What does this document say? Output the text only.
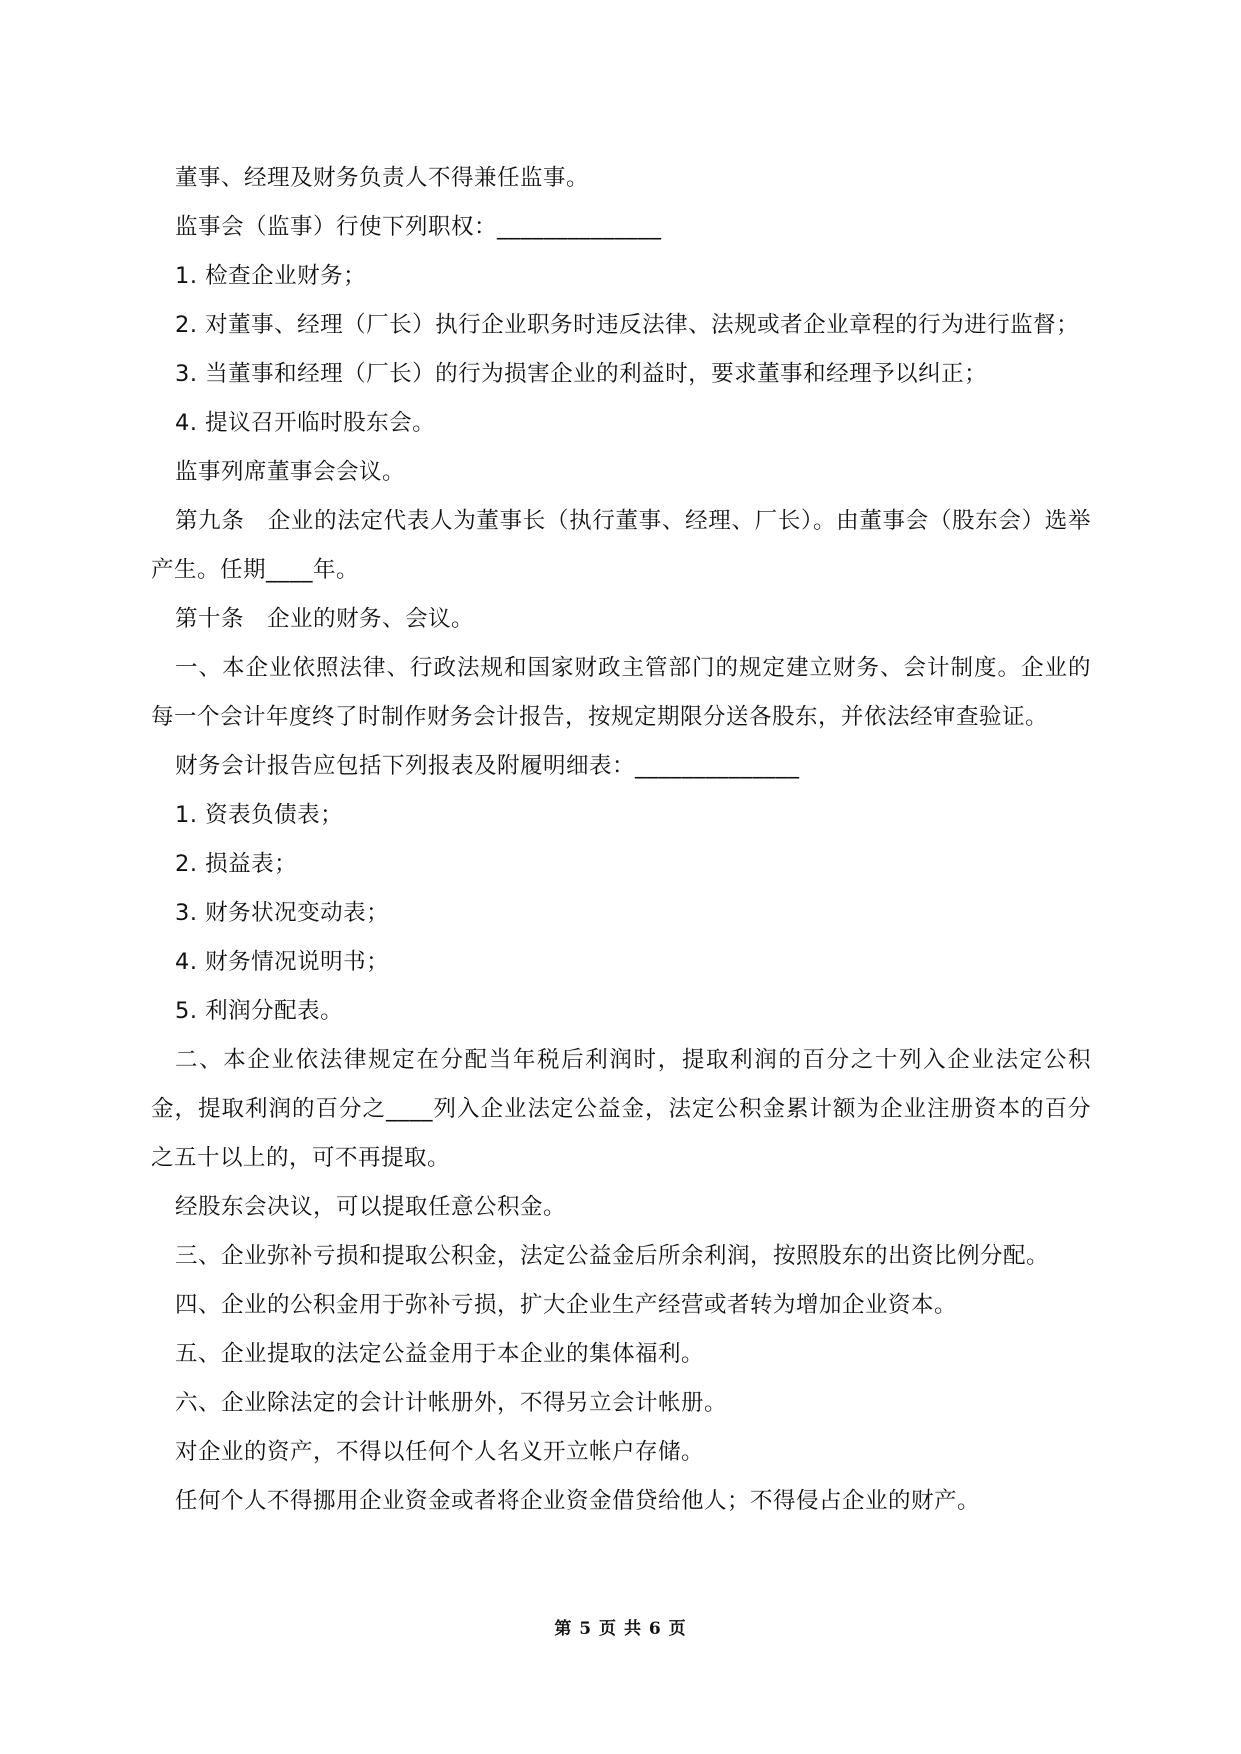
董事、经理及财务负责人不得兼任监事。

监事会（监事）行使下列职权：______________

1. 检查企业财务；

2. 对董事、经理（厂长）执行企业职务时违反法律、法规或者企业章程的行为进行监督；

3. 当董事和经理（厂长）的行为损害企业的利益时，要求董事和经理予以纠正；

4. 提议召开临时股东会。

监事列席董事会会议。

第九条　企业的法定代表人为董事长（执行董事、经理、厂长）。由董事会（股东会）选举产生。任期____年。

第十条　企业的财务、会议。

一、本企业依照法律、行政法规和国家财政主管部门的规定建立财务、会计制度。企业的每一个会计年度终了时制作财务会计报告，按规定期限分送各股东，并依法经审查验证。

财务会计报告应包括下列报表及附履明细表：______________

1. 资表负债表；

2. 损益表；

3. 财务状况变动表；

4. 财务情况说明书；

5. 利润分配表。

二、本企业依法律规定在分配当年税后利润时，提取利润的百分之十列入企业法定公积金，提取利润的百分之____列入企业法定公益金，法定公积金累计额为企业注册资本的百分之五十以上的，可不再提取。

经股东会决议，可以提取任意公积金。

三、企业弥补亏损和提取公积金，法定公益金后所余利润，按照股东的出资比例分配。

四、企业的公积金用于弥补亏损，扩大企业生产经营或者转为增加企业资本。

五、企业提取的法定公益金用于本企业的集体福利。

六、企业除法定的会计计帐册外，不得另立会计帐册。

对企业的资产，不得以任何个人名义开立帐户存储。

任何个人不得挪用企业资金或者将企业资金借贷给他人；不得侵占企业的财产。

第 5 页 共 6 页
